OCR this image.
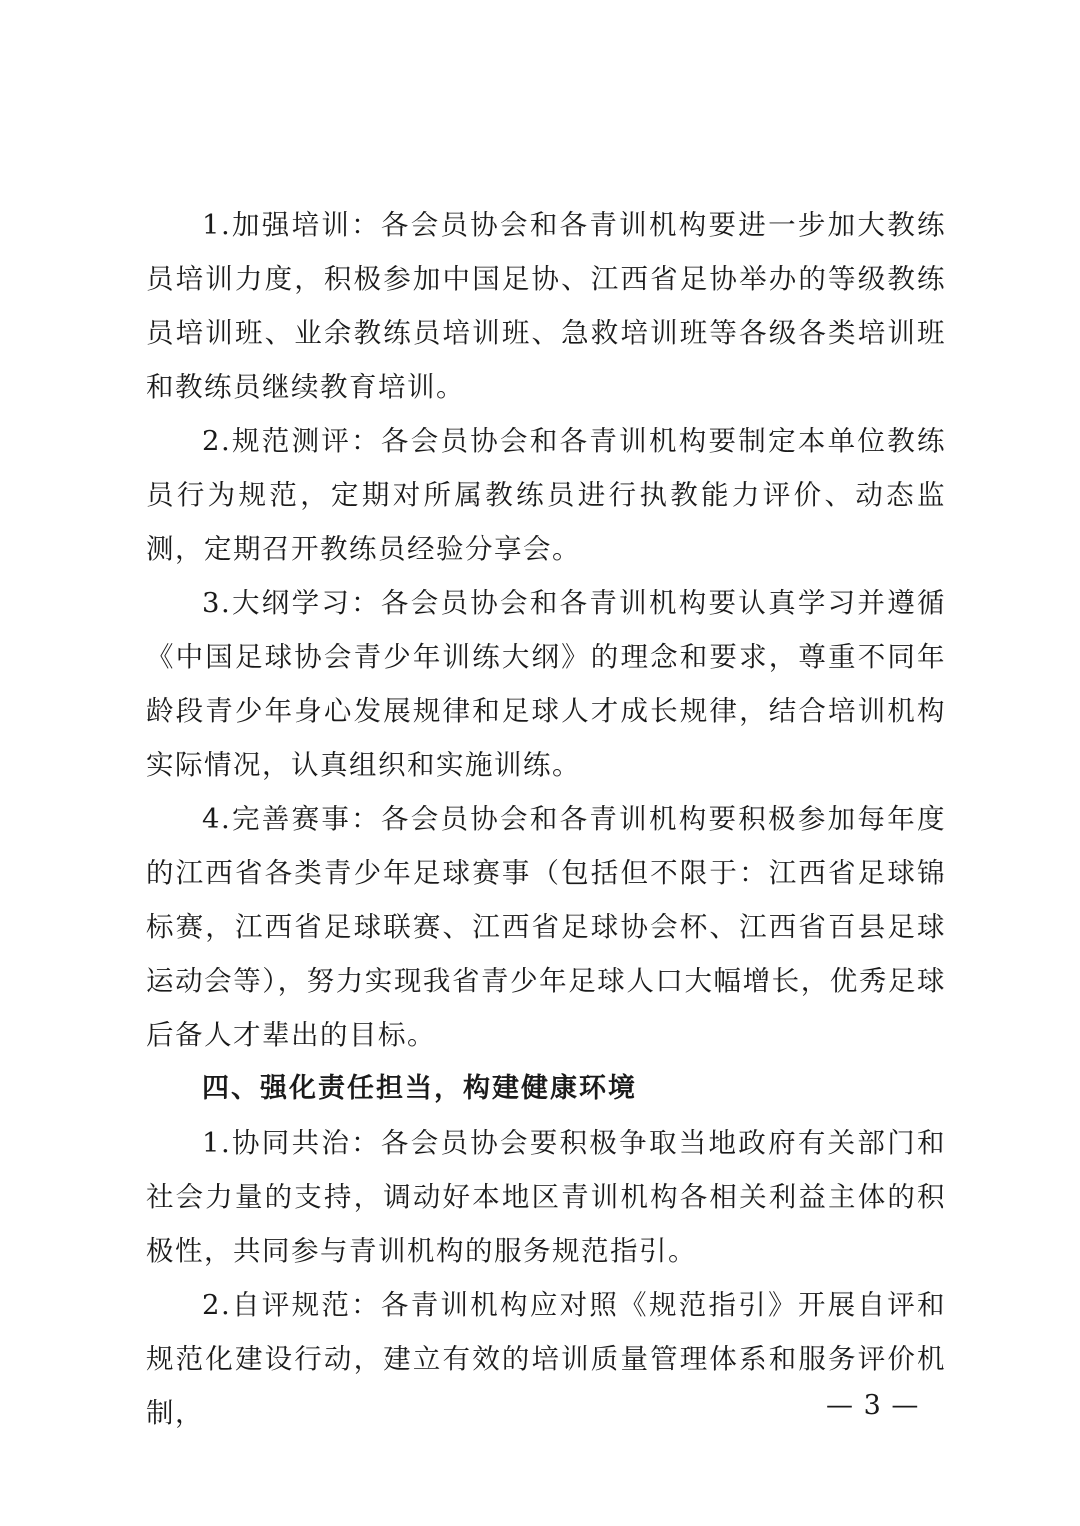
1.加强培训：各会员协会和各青训机构要进一步加大教练员培训力度，积极参加中国足协、江西省足协举办的等级教练员培训班、业余教练员培训班、急救培训班等各级各类培训班和教练员继续教育培训。

2.规范测评：各会员协会和各青训机构要制定本单位教练员行为规范，定期对所属教练员进行执教能力评价、动态监测，定期召开教练员经验分享会。

3.大纲学习：各会员协会和各青训机构要认真学习并遵循《中国足球协会青少年训练大纲》的理念和要求，尊重不同年龄段青少年身心发展规律和足球人才成长规律，结合培训机构实际情况，认真组织和实施训练。

4.完善赛事：各会员协会和各青训机构要积极参加每年度的江西省各类青少年足球赛事（包括但不限于：江西省足球锦标赛，江西省足球联赛、江西省足球协会杯、江西省百县足球运动会等），努力实现我省青少年足球人口大幅增长，优秀足球后备人才辈出的目标。

四、强化责任担当，构建健康环境

1.协同共治：各会员协会要积极争取当地政府有关部门和社会力量的支持，调动好本地区青训机构各相关利益主体的积极性，共同参与青训机构的服务规范指引。

2.自评规范：各青训机构应对照《规范指引》开展自评和规范化建设行动，建立有效的培训质量管理体系和服务评价机制，	— 3 —
